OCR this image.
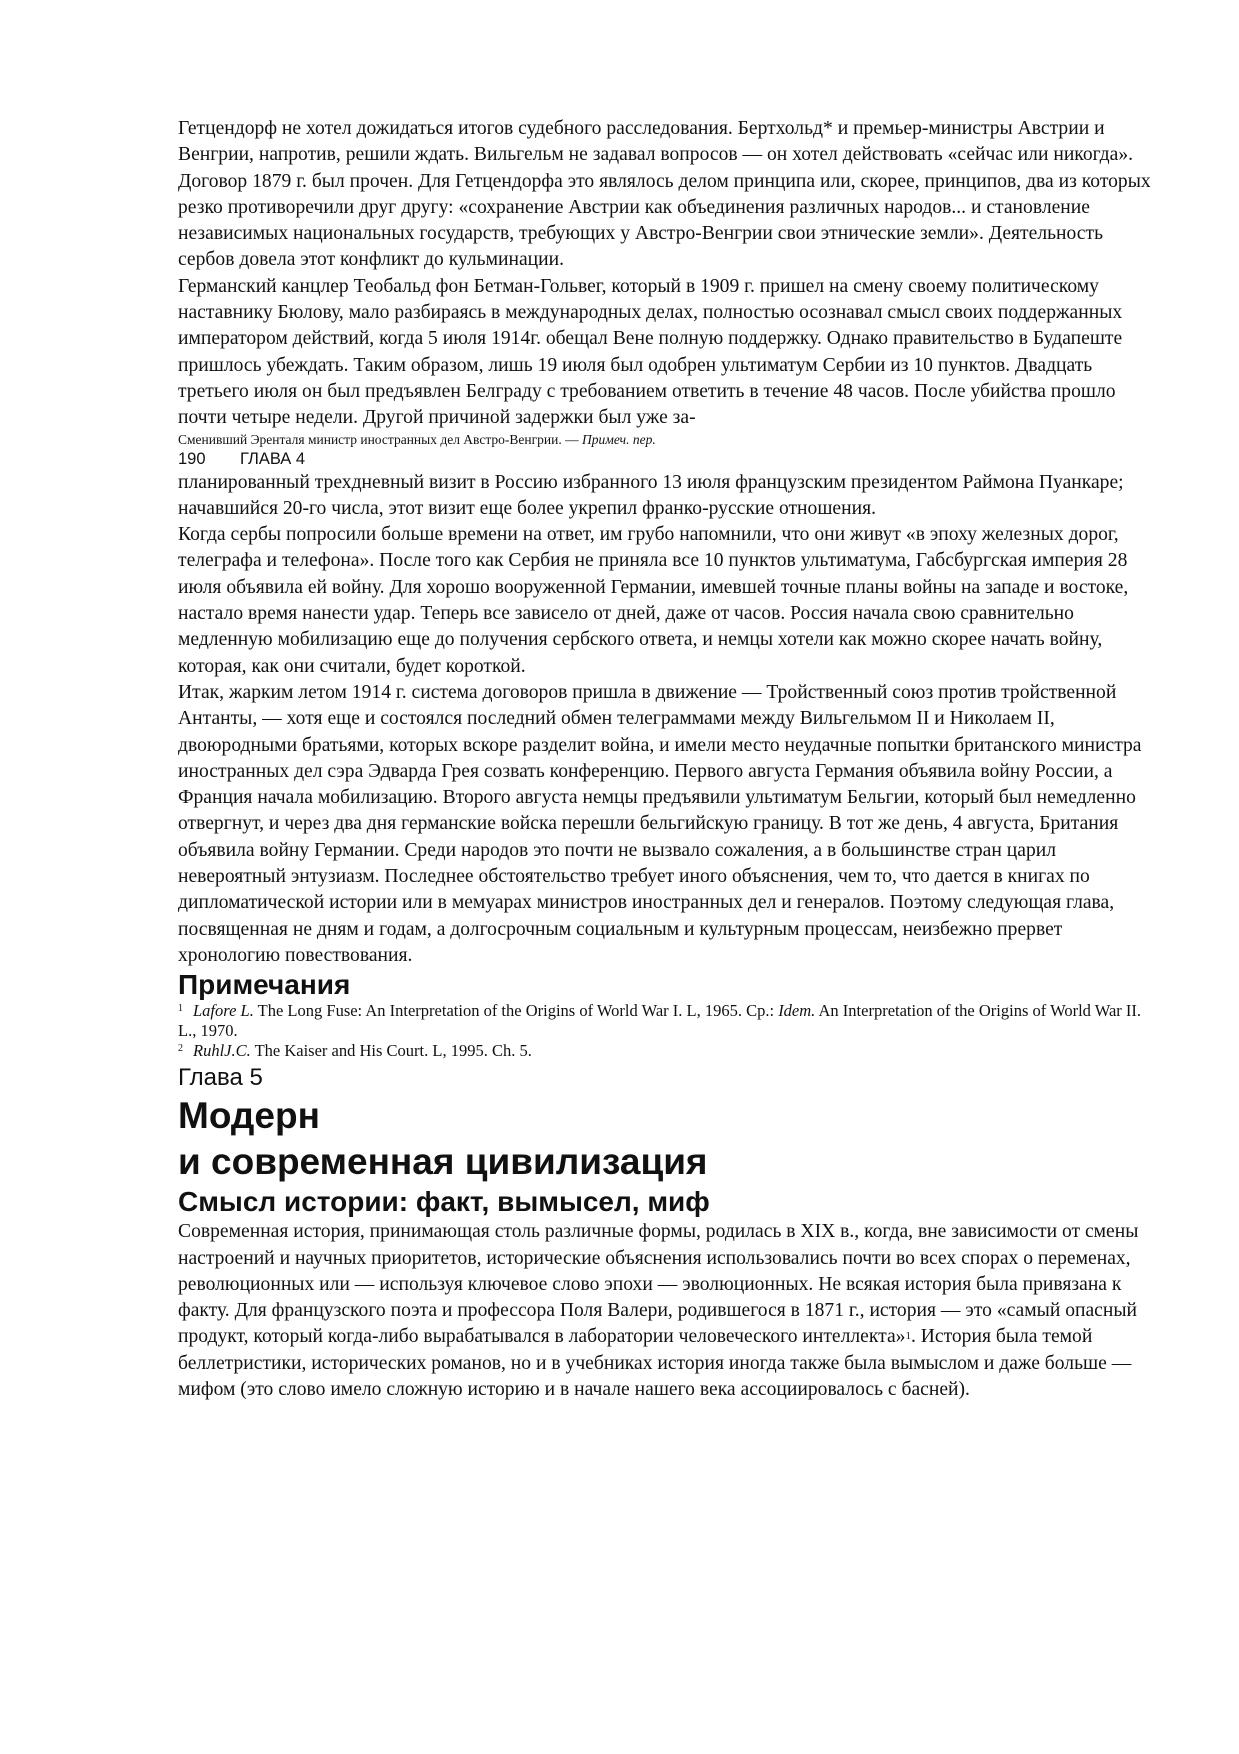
Гетцендорф не хотел дожидаться итогов судебного расследования. Бертхольд* и премьер-министры Австрии и Венгрии, напротив, решили ждать. Вильгельм не задавал вопросов — он хотел действовать «сейчас или никогда». Договор 1879 г. был прочен. Для Гетцендорфа это являлось делом принципа или, скорее, принципов, два из которых резко противоречили друг другу: «сохранение Австрии как объединения различных народов... и становление независимых национальных государств, требующих у Австро-Венгрии свои этнические земли». Деятельность сербов довела этот конфликт до кульминации.

Германский канцлер Теобальд фон Бетман-Гольвег, который в 1909 г. пришел на смену своему политическому наставнику Бюлову, мало разбираясь в международных делах, полностью осознавал смысл своих поддержанных императором действий, когда 5 июля 1914г. обещал Вене полную поддержку. Однако правительство в Будапеште пришлось убеждать. Таким образом, лишь 19 июля был одобрен ультиматум Сербии из 10 пунктов. Двадцать третьего июля он был предъявлен Белграду с требованием ответить в течение 48 часов. После убийства прошло почти четыре недели. Другой причиной задержки был уже за-

Сменивший Эренталя министр иностранных дел Австро-Венгрии. — Примеч. пер.

190 ГЛАВА 4

планированный трехдневный визит в Россию избранного 13 июля французским президентом Раймона Пуанкаре; начавшийся 20-го числа, этот визит еще более укрепил франко-русские отношения.

Когда сербы попросили больше времени на ответ, им грубо напомнили, что они живут «в эпоху железных дорог, телеграфа и телефона». После того как Сербия не приняла все 10 пунктов ультиматума, Габсбургская империя 28 июля объявила ей войну. Для хорошо вооруженной Германии, имевшей точные планы войны на западе и востоке, настало время нанести удар. Теперь все зависело от дней, даже от часов. Россия начала свою сравнительно медленную мобилизацию еще до получения сербского ответа, и немцы хотели как можно скорее начать войну, которая, как они считали, будет короткой.

Итак, жарким летом 1914 г. система договоров пришла в движение — Тройственный союз против тройственной Антанты, — хотя еще и состоялся последний обмен телеграммами между Вильгельмом II и Николаем II, двоюродными братьями, которых вскоре разделит война, и имели место неудачные попытки британского министра иностранных дел сэра Эдварда Грея созвать конференцию. Первого августа Германия объявила войну России, а Франция начала мобилизацию. Второго августа немцы предъявили ультиматум Бельгии, который был немедленно отвергнут, и через два дня германские войска перешли бельгийскую границу. В тот же день, 4 августа, Британия объявила войну Германии. Среди народов это почти не вызвало сожаления, а в большинстве стран царил невероятный энтузиазм. Последнее обстоятельство требует иного объяснения, чем то, что дается в книгах по дипломатической истории или в мемуарах министров иностранных дел и генералов. Поэтому следующая глава, посвященная не дням и годам, а долгосрочным социальным и культурным процессам, неизбежно прервет хронологию повествования.

Примечания

$^1$ Lafore L. The Long Fuse: An Interpretation of the Origins of World War I. L, 1965. Ср.: Idem. An Interpretation of the Origins of World War II. L., 1970.

$^2$ RuhlJ.C. The Kaiser and His Court. L, 1995. Ch. 5.

Глава 5

Модерн
и современная цивилизация
Смысл истории: факт, вымысел, миф

Современная история, принимающая столь различные формы, родилась в XIX в., когда, вне зависимости от смены настроений и научных приоритетов, исторические объяснения использовались почти во всех спорах о переменах, революционных или — используя ключевое слово эпохи — эволюционных. Не всякая история была привязана к факту. Для французского поэта и профессора Поля Валери, родившегося в 1871 г., история — это «самый опасный продукт, который когда-либо вырабатывался в лаборатории человеческого интеллекта»$^1$. История была темой беллетристики, исторических романов, но и в учебниках история иногда также была вымыслом и даже больше — мифом (это слово имело сложную историю и в начале нашего века ассоциировалось с басней).
